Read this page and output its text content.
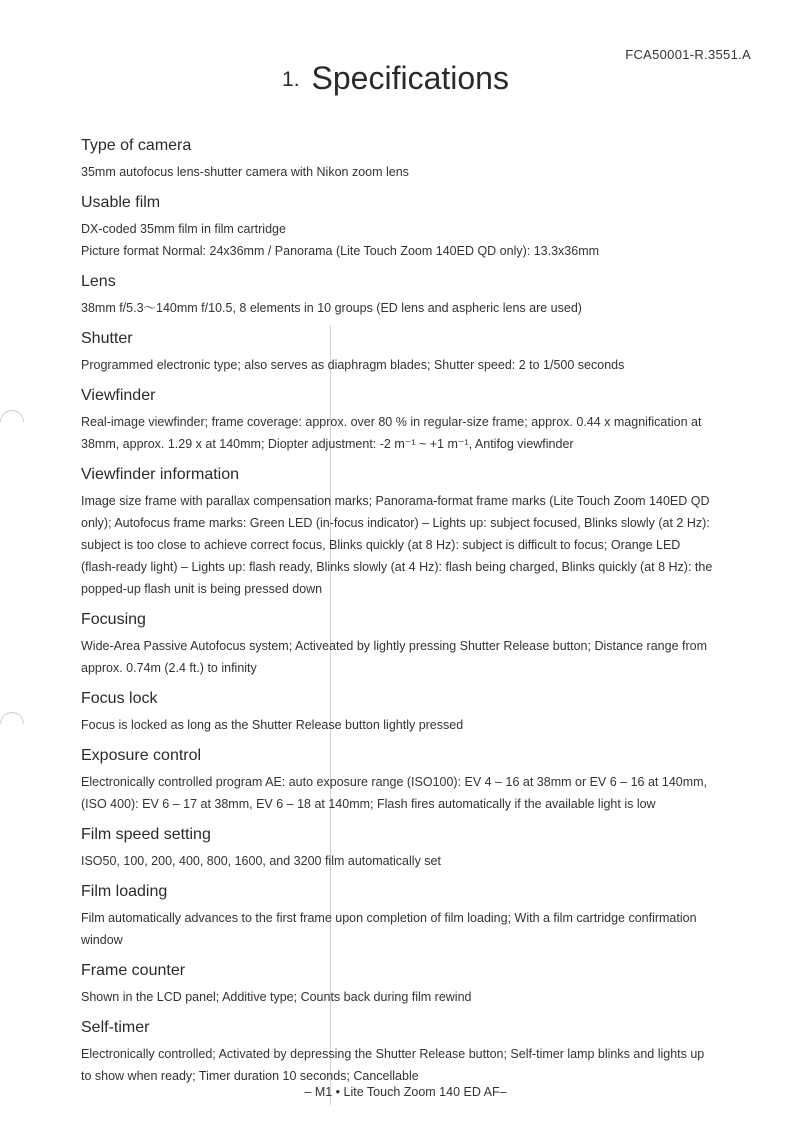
FCA50001-R.3551.A
1. Specifications
Type of camera

35mm autofocus lens-shutter camera with Nikon zoom lens

Usable film

DX-coded 35mm film in film cartridge

Picture format Normal: 24x36mm / Panorama (Lite Touch Zoom 140ED QD only): 13.3x36mm

Lens

38mm f/5.3～140mm f/10.5, 8 elements in 10 groups (ED lens and aspheric lens are used)

Shutter

Programmed electronic type; also serves as diaphragm blades; Shutter speed: 2 to 1/500 seconds

Viewfinder

Real-image viewfinder; frame coverage: approx. over 80 % in regular-size frame; approx. 0.44 x magnification at

38mm, approx. 1.29 x at 140mm; Diopter adjustment: -2 m⁻¹ ~ +1 m⁻¹, Antifog viewfinder

Viewfinder information

Image size frame with parallax compensation marks; Panorama-format frame marks (Lite Touch Zoom 140ED QD

only); Autofocus frame marks: Green LED (in-focus indicator) – Lights up: subject focused, Blinks slowly (at 2 Hz):

subject is too close to achieve correct focus, Blinks quickly (at 8 Hz): subject is difficult to focus; Orange LED

(flash-ready light) – Lights up: flash ready, Blinks slowly (at 4 Hz): flash being charged, Blinks quickly (at 8 Hz): the

popped-up flash unit is being pressed down

Focusing

Wide-Area Passive Autofocus system; Activeated by lightly pressing Shutter Release button; Distance range from

approx. 0.74m (2.4 ft.) to infinity

Focus lock

Focus is locked as long as the Shutter Release button lightly pressed

Exposure control

Electronically controlled program AE: auto exposure range (ISO100): EV 4 – 16 at 38mm or EV 6 – 16 at 140mm,

(ISO 400): EV 6 – 17 at 38mm, EV 6 – 18 at 140mm; Flash fires automatically if the available light is low

Film speed setting

ISO50, 100, 200, 400, 800, 1600, and 3200 film automatically set

Film loading

Film automatically advances to the first frame upon completion of film loading; With a film cartridge confirmation

window

Frame counter

Shown in the LCD panel; Additive type; Counts back during film rewind

Self-timer

Electronically controlled; Activated by depressing the Shutter Release button; Self-timer lamp blinks and lights up

to show when ready; Timer duration 10 seconds; Cancellable

– M1 • Lite Touch Zoom 140 ED AF–
